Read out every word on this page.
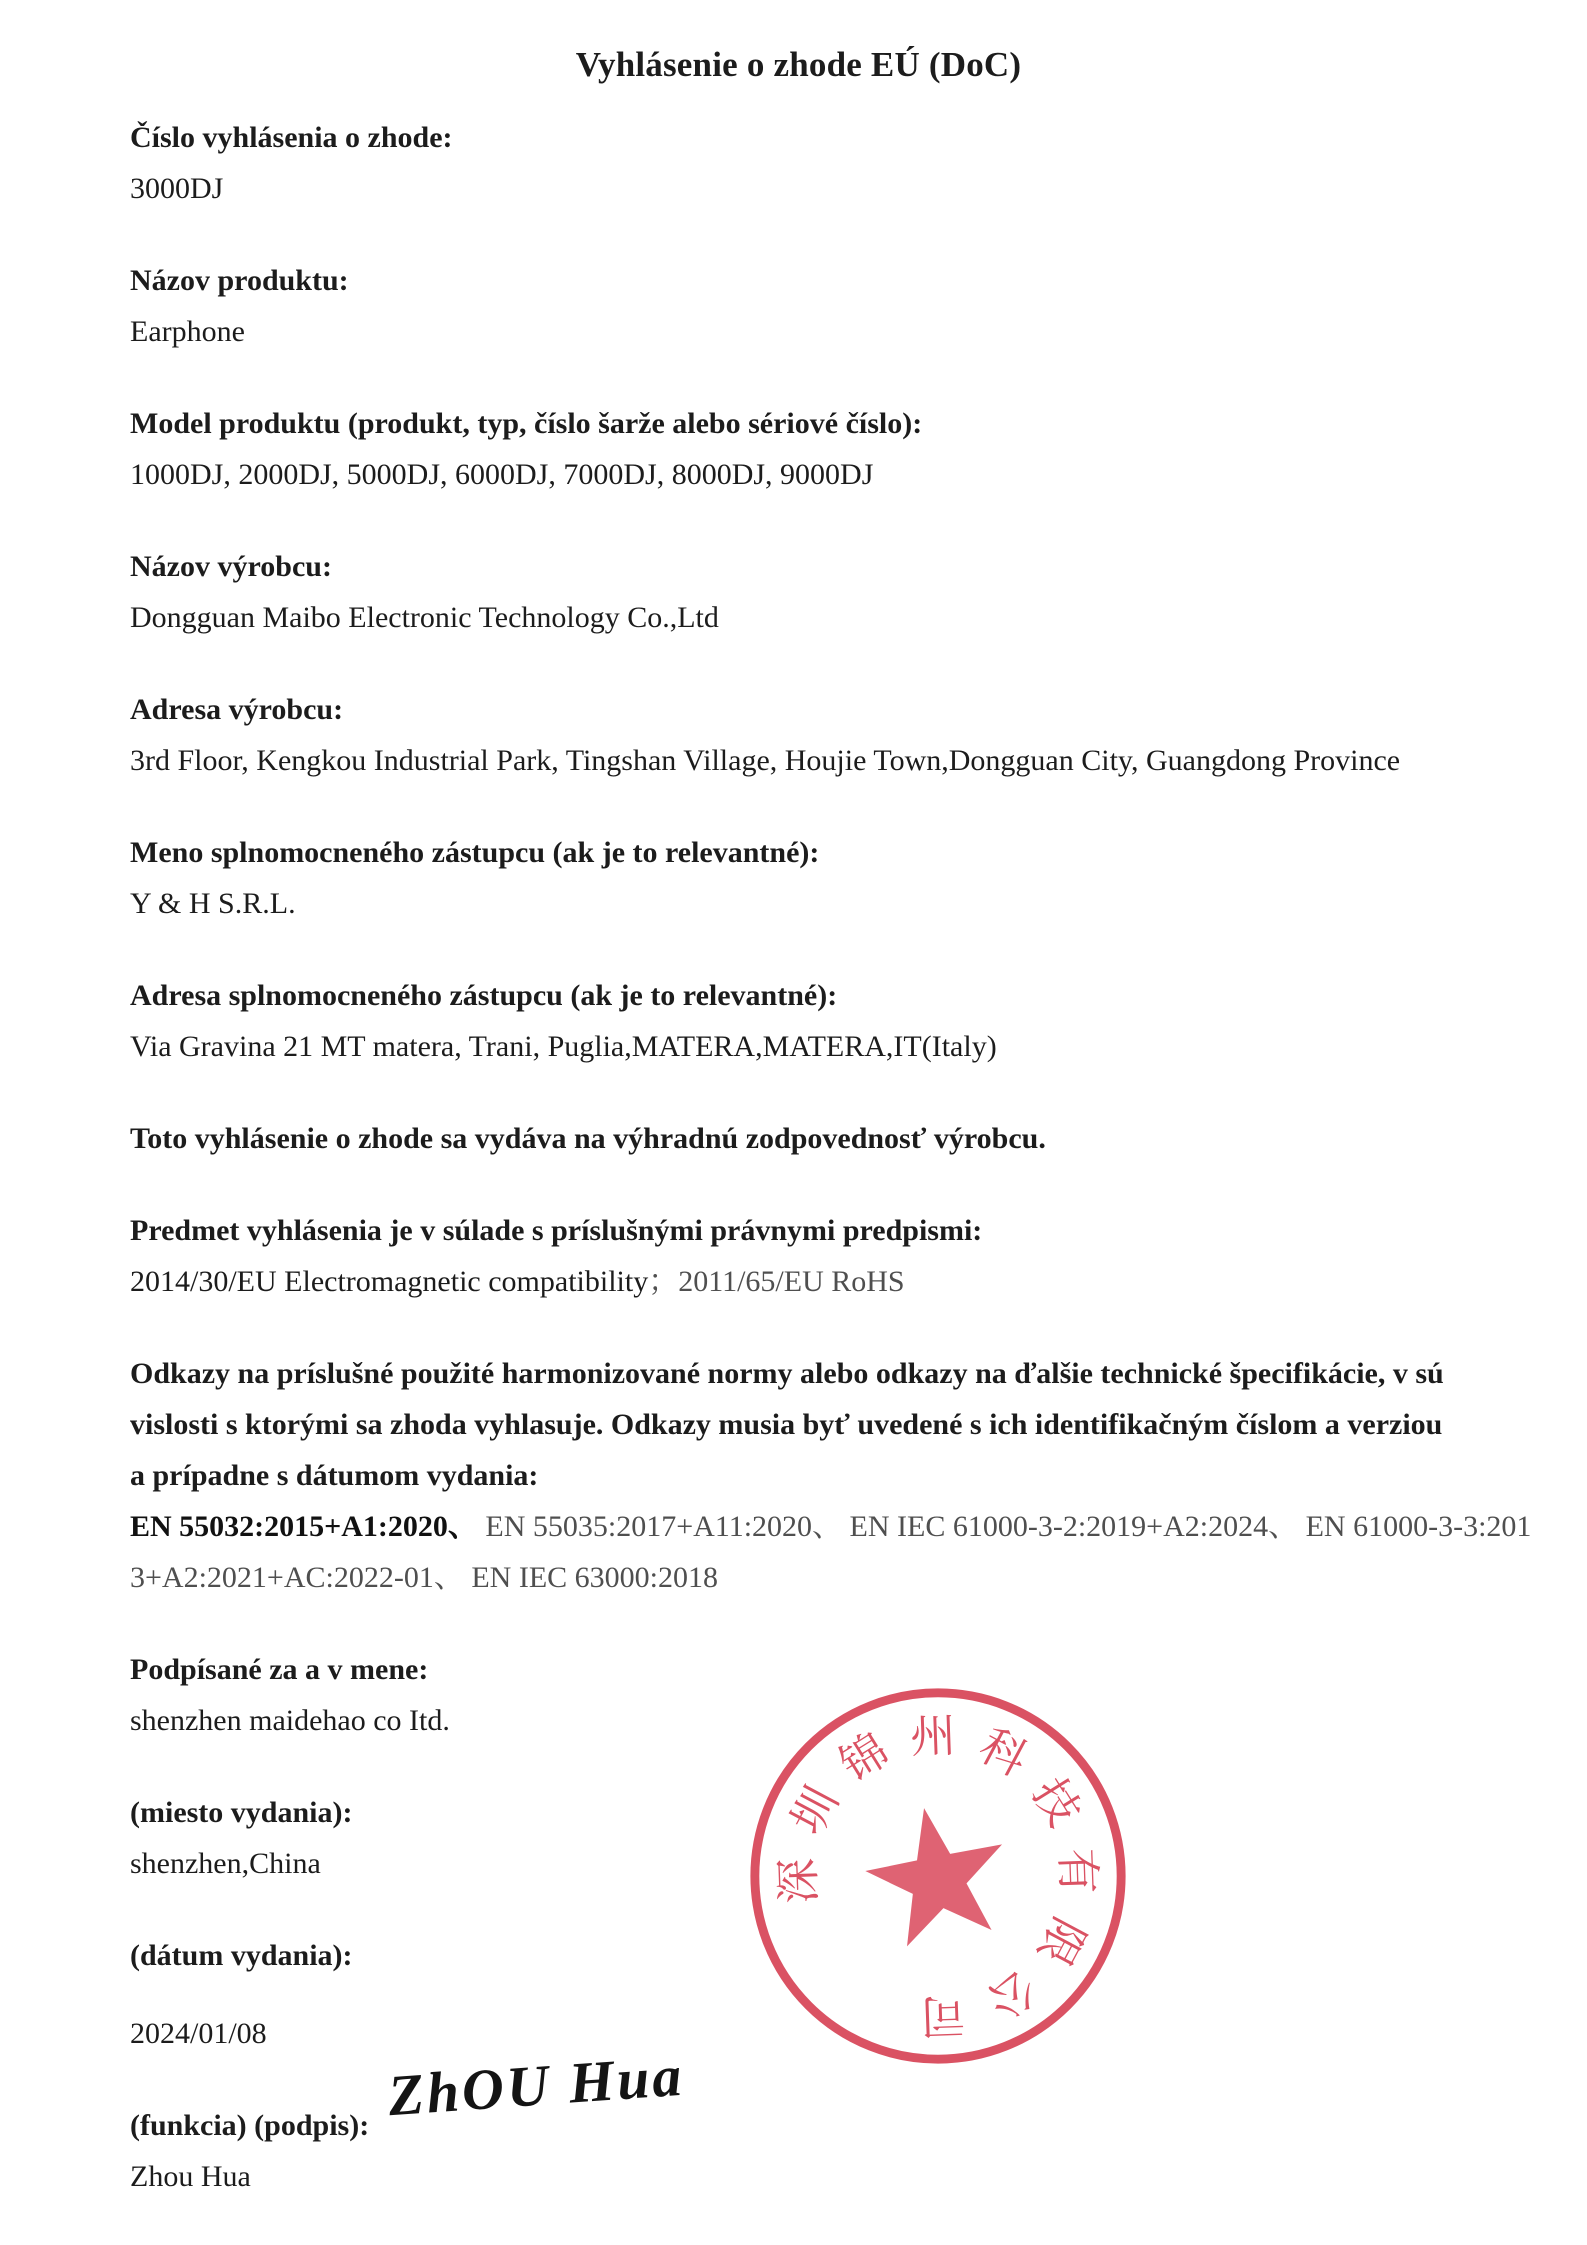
Vyhlásenie o zhode EÚ (DoC)
Číslo vyhlásenia o zhode:
3000DJ
Názov produktu:
Earphone
Model produktu (produkt, typ, číslo šarže alebo sériové číslo):
1000DJ, 2000DJ, 5000DJ, 6000DJ, 7000DJ, 8000DJ, 9000DJ
Názov výrobcu:
Dongguan Maibo Electronic Technology Co.,Ltd
Adresa výrobcu:
3rd Floor, Kengkou Industrial Park, Tingshan Village, Houjie Town,Dongguan City, Guangdong Province
Meno splnomocneného zástupcu (ak je to relevantné):
Y & H S.R.L.
Adresa splnomocneného zástupcu (ak je to relevantné):
Via Gravina 21 MT matera, Trani, Puglia,MATERA,MATERA,IT(Italy)
Toto vyhlásenie o zhode sa vydáva na výhradnú zodpovednosť výrobcu.
Predmet vyhlásenia je v súlade s príslušnými právnymi predpismi:
2014/30/EU Electromagnetic compatibility；2011/65/EU RoHS
Odkazy na príslušné použité harmonizované normy alebo odkazy na ďalšie technické špecifikácie, v sú
vislosti s ktorými sa zhoda vyhlasuje. Odkazy musia byť uvedené s ich identifikačným číslom a verziou
a prípadne s dátumom vydania:
EN 55032:2015+A1:2020、 EN 55035:2017+A11:2020、 EN IEC 61000-3-2:2019+A2:2024、 EN 61000-3-3:201
3+A2:2021+AC:2022-01、 EN IEC 63000:2018
Podpísané za a v mene:
shenzhen maidehao co Itd.
(miesto vydania):
shenzhen,China
(dátum vydania):
2024/01/08
(funkcia) (podpis):
Zhou Hua
深
圳
锦 州 科
技
有
限
公
司
ZhOU Hua
